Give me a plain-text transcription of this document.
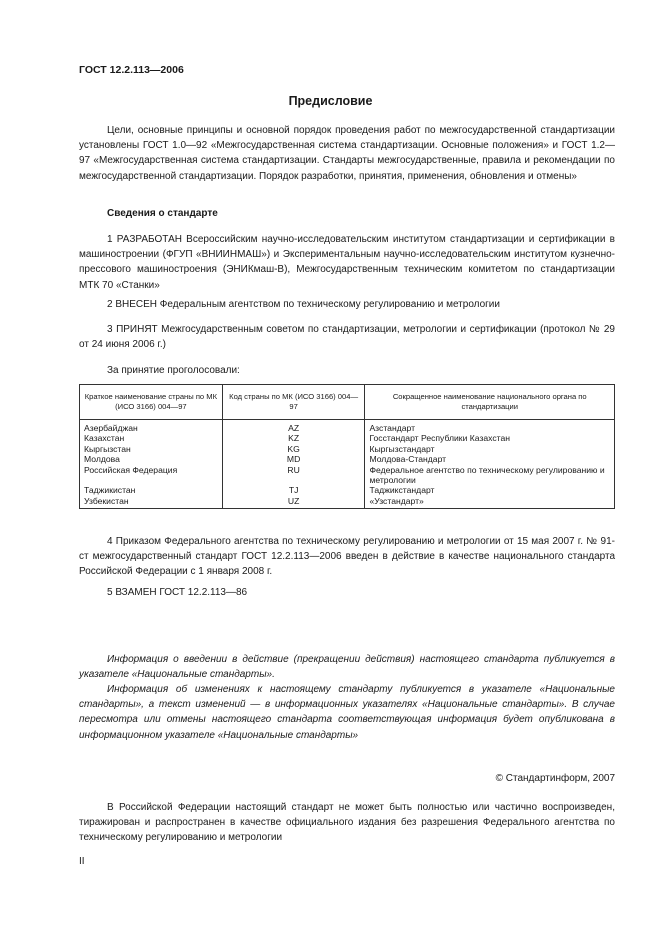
ГОСТ 12.2.113—2006
Предисловие
Цели, основные принципы и основной порядок проведения работ по межгосударственной стандартизации установлены ГОСТ 1.0—92 «Межгосударственная система стандартизации. Основные положения» и ГОСТ 1.2—97 «Межгосударственная система стандартизации. Стандарты межгосударственные, правила и рекомендации по межгосударственной стандартизации. Порядок разработки, принятия, применения, обновления и отмены»
Сведения о стандарте
1 РАЗРАБОТАН Всероссийским научно-исследовательским институтом стандартизации и сертификации в машиностроении (ФГУП «ВНИИНМАШ») и Экспериментальным научно-исследовательским институтом кузнечно-прессового машиностроения (ЭНИКмаш-В), Межгосударственным техническим комитетом по стандартизации МТК 70 «Станки»
2 ВНЕСЕН Федеральным агентством по техническому регулированию и метрологии
3 ПРИНЯТ Межгосударственным советом по стандартизации, метрологии и сертификации (протокол № 29 от 24 июня 2006 г.)
За принятие проголосовали:
Краткое наименование страны по МК (ИСО 3166) 004—97	Код страны по МК (ИСО 3166) 004—97	Сокращенное наименование национального органа по стандартизации
Азербайджан	AZ	Азстандарт
Казахстан	KZ	Госстандарт Республики Казахстан
Кыргызстан	KG	Кыргызстандарт
Молдова	MD	Молдова-Стандарт
Российская Федерация	RU	Федеральное агентство по техническому регулированию и метрологии
Таджикистан	TJ	Таджикстандарт
Узбекистан	UZ	«Узстандарт»
4 Приказом Федерального агентства по техническому регулированию и метрологии от 15 мая 2007 г. № 91-ст межгосударственный стандарт ГОСТ 12.2.113—2006 введен в действие в качестве национального стандарта Российской Федерации с 1 января 2008 г.
5 ВЗАМЕН ГОСТ 12.2.113—86
Информация о введении в действие (прекращении действия) настоящего стандарта публикуется в указателе «Национальные стандарты».
Информация об изменениях к настоящему стандарту публикуется в указателе «Национальные стандарты», а текст изменений — в информационных указателях «Национальные стандарты». В случае пересмотра или отмены настоящего стандарта соответствующая информация будет опубликована в информационном указателе «Национальные стандарты»
© Стандартинформ, 2007
В Российской Федерации настоящий стандарт не может быть полностью или частично воспроизведен, тиражирован и распространен в качестве официального издания без разрешения Федерального агентства по техническому регулированию и метрологии
II
